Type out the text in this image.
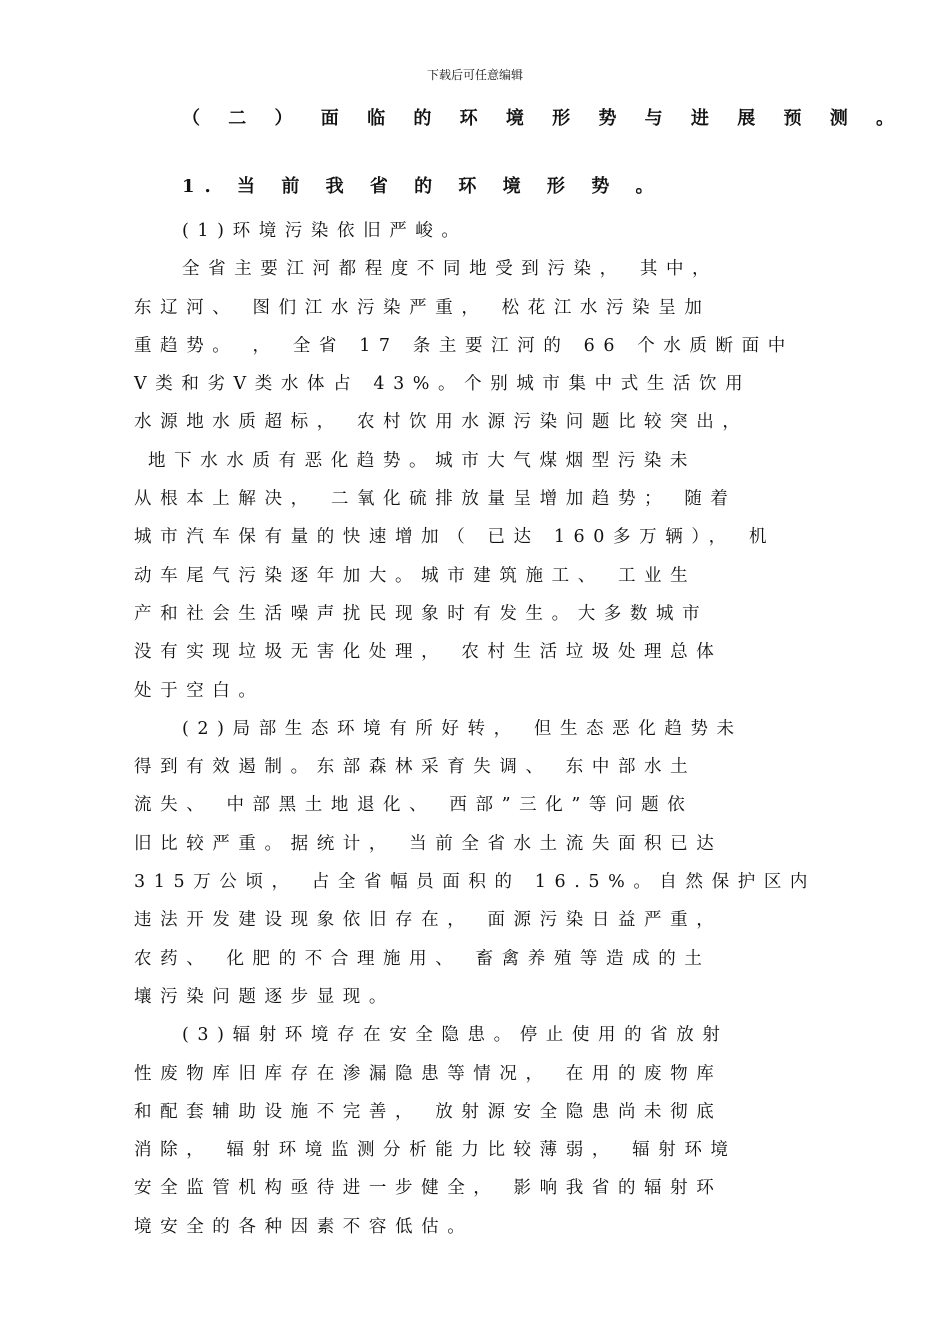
下载后可任意编辑
（ 二 ） 面 临 的 环 境 形 势 与 进 展 预 测 。
1. 当 前 我 省 的 环 境 形 势 。
(1)环境污染依旧严峻。
全省主要江河都程度不同地受到污染， 其中，
东辽河、 图们江水污染严重， 松花江水污染呈加
重趋势。 ， 全省 17 条主要江河的 66 个水质断面中
Ⅴ类和劣Ⅴ类水体占 43%。个别城市集中式生活饮用
水源地水质超标， 农村饮用水源污染问题比较突出，
地下水水质有恶化趋势。城市大气煤烟型污染未
从根本上解决， 二氧化硫排放量呈增加趋势； 随着
城市汽车保有量的快速增加（ 已达 160多万辆）， 机
动车尾气污染逐年加大。城市建筑施工、 工业生
产和社会生活噪声扰民现象时有发生。大多数城市
没有实现垃圾无害化处理， 农村生活垃圾处理总体
处于空白。
(2)局部生态环境有所好转， 但生态恶化趋势未
得到有效遏制。东部森林采育失调、 东中部水土
流失、 中部黑土地退化、 西部”三化”等问题依
旧比较严重。据统计， 当前全省水土流失面积已达
315万公顷， 占全省幅员面积的 16.5%。自然保护区内
违法开发建设现象依旧存在， 面源污染日益严重，
农药、 化肥的不合理施用、 畜禽养殖等造成的土
壤污染问题逐步显现。
(3)辐射环境存在安全隐患。停止使用的省放射
性废物库旧库存在渗漏隐患等情况， 在用的废物库
和配套辅助设施不完善， 放射源安全隐患尚未彻底
消除， 辐射环境监测分析能力比较薄弱， 辐射环境
安全监管机构亟待进一步健全， 影响我省的辐射环
境安全的各种因素不容低估。
